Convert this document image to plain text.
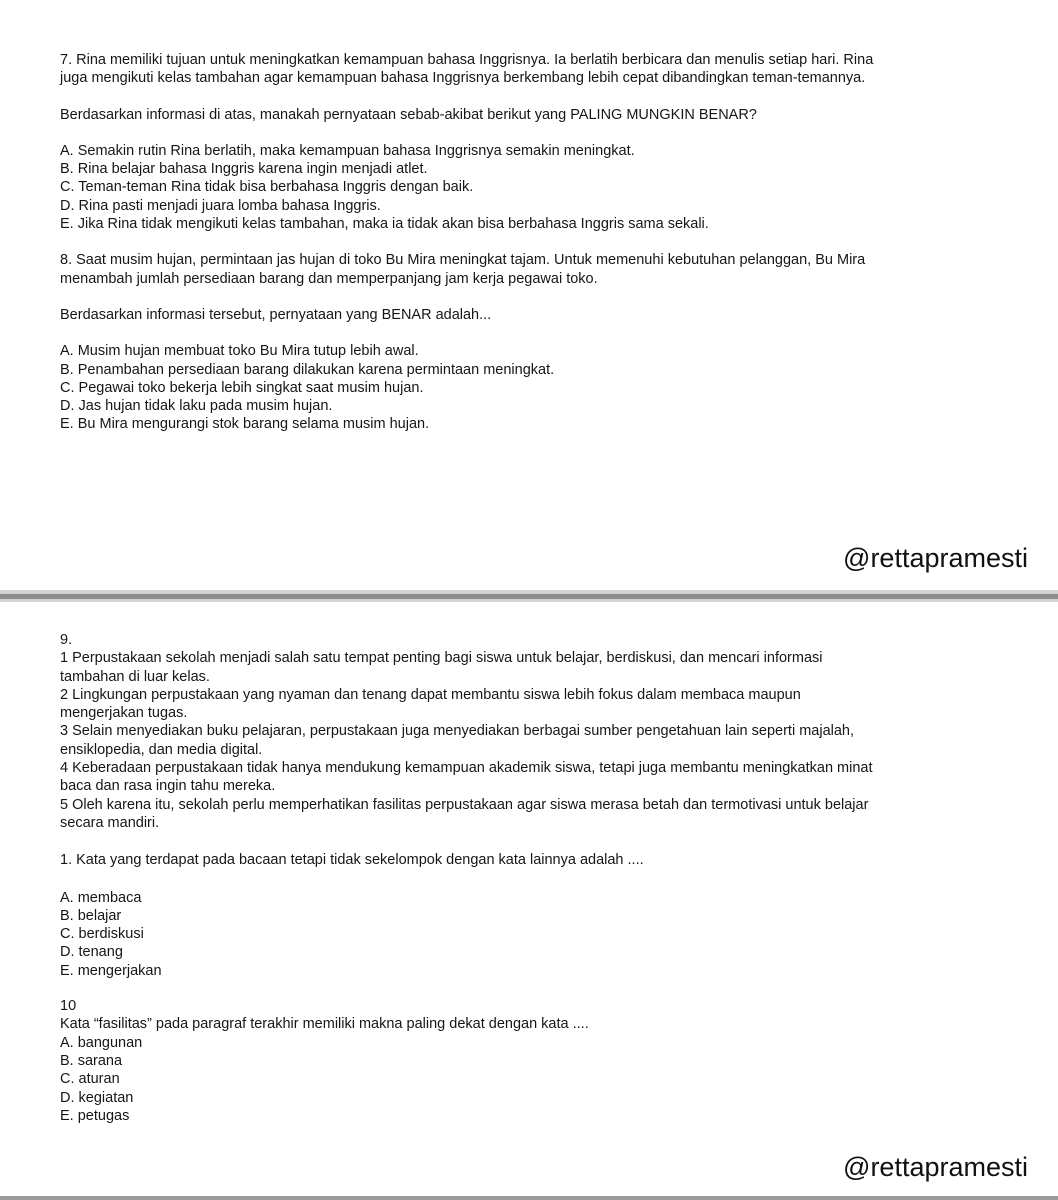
7. Rina memiliki tujuan untuk meningkatkan kemampuan bahasa Inggrisnya. Ia berlatih berbicara dan menulis setiap hari. Rina
juga mengikuti kelas tambahan agar kemampuan bahasa Inggrisnya berkembang lebih cepat dibandingkan teman-temannya.
Berdasarkan informasi di atas, manakah pernyataan sebab-akibat berikut yang PALING MUNGKIN BENAR?
A. Semakin rutin Rina berlatih, maka kemampuan bahasa Inggrisnya semakin meningkat.
B. Rina belajar bahasa Inggris karena ingin menjadi atlet.
C. Teman-teman Rina tidak bisa berbahasa Inggris dengan baik.
D. Rina pasti menjadi juara lomba bahasa Inggris.
E. Jika Rina tidak mengikuti kelas tambahan, maka ia tidak akan bisa berbahasa Inggris sama sekali.
8. Saat musim hujan, permintaan jas hujan di toko Bu Mira meningkat tajam. Untuk memenuhi kebutuhan pelanggan, Bu Mira
menambah jumlah persediaan barang dan memperpanjang jam kerja pegawai toko.
Berdasarkan informasi tersebut, pernyataan yang BENAR adalah...
A. Musim hujan membuat toko Bu Mira tutup lebih awal.
B. Penambahan persediaan barang dilakukan karena permintaan meningkat.
C. Pegawai toko bekerja lebih singkat saat musim hujan.
D. Jas hujan tidak laku pada musim hujan.
E. Bu Mira mengurangi stok barang selama musim hujan.
@rettapramesti
9.
1 Perpustakaan sekolah menjadi salah satu tempat penting bagi siswa untuk belajar, berdiskusi, dan mencari informasi
tambahan di luar kelas.
2 Lingkungan perpustakaan yang nyaman dan tenang dapat membantu siswa lebih fokus dalam membaca maupun
mengerjakan tugas.
3 Selain menyediakan buku pelajaran, perpustakaan juga menyediakan berbagai sumber pengetahuan lain seperti majalah,
ensiklopedia, dan media digital.
4 Keberadaan perpustakaan tidak hanya mendukung kemampuan akademik siswa, tetapi juga membantu meningkatkan minat
baca dan rasa ingin tahu mereka.
5 Oleh karena itu, sekolah perlu memperhatikan fasilitas perpustakaan agar siswa merasa betah dan termotivasi untuk belajar
secara mandiri.
1. Kata yang terdapat pada bacaan tetapi tidak sekelompok dengan kata lainnya adalah ....
A. membaca
B. belajar
C. berdiskusi
D. tenang
E. mengerjakan
10
Kata “fasilitas” pada paragraf terakhir memiliki makna paling dekat dengan kata ....
A. bangunan
B. sarana
C. aturan
D. kegiatan
E. petugas
@rettapramesti
